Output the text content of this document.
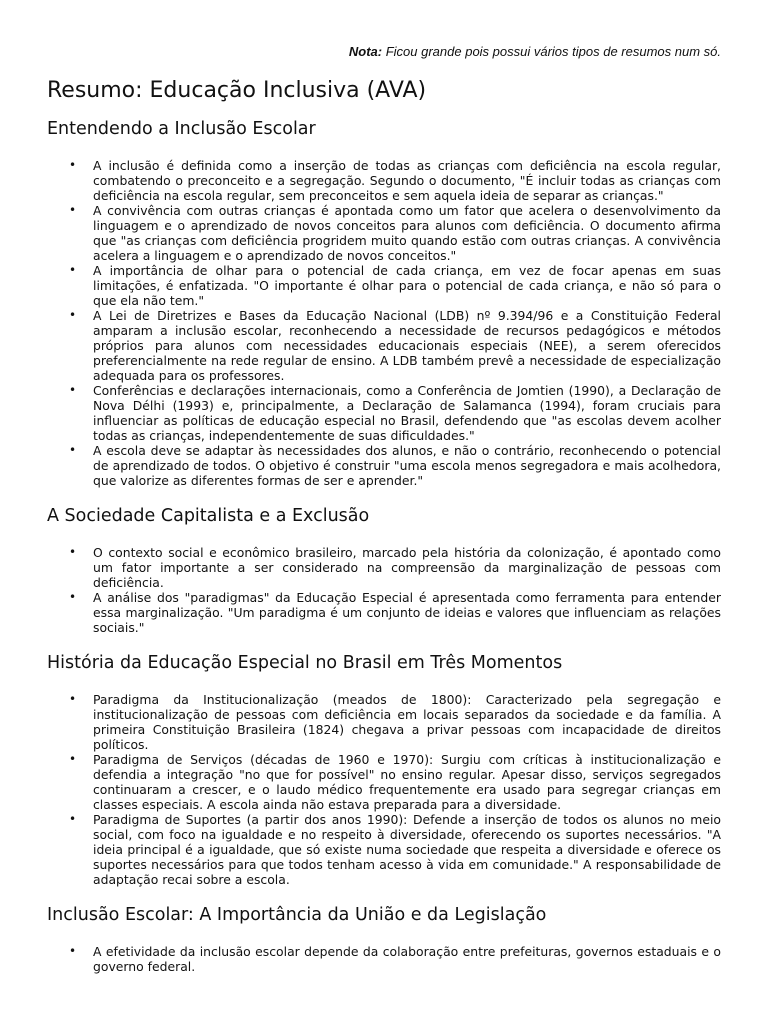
Nota: Ficou grande pois possui vários tipos de resumos num só.
Resumo: Educação Inclusiva (AVA)
Entendendo a Inclusão Escolar
• A inclusão é definida como a inserção de todas as crianças com deficiência na escola regular, combatendo o preconceito e a segregação. Segundo o documento, "É incluir todas as crianças com deficiência na escola regular, sem preconceitos e sem aquela ideia de separar as crianças."
• A convivência com outras crianças é apontada como um fator que acelera o desenvolvimento da linguagem e o aprendizado de novos conceitos para alunos com deficiência. O documento afirma que "as crianças com deficiência progridem muito quando estão com outras crianças. A convivência acelera a linguagem e o aprendizado de novos conceitos."
• A importância de olhar para o potencial de cada criança, em vez de focar apenas em suas limitações, é enfatizada. "O importante é olhar para o potencial de cada criança, e não só para o que ela não tem."
• A Lei de Diretrizes e Bases da Educação Nacional (LDB) nº 9.394/96 e a Constituição Federal amparam a inclusão escolar, reconhecendo a necessidade de recursos pedagógicos e métodos próprios para alunos com necessidades educacionais especiais (NEE), a serem oferecidos preferencialmente na rede regular de ensino. A LDB também prevê a necessidade de especialização adequada para os professores.
• Conferências e declarações internacionais, como a Conferência de Jomtien (1990), a Declaração de Nova Délhi (1993) e, principalmente, a Declaração de Salamanca (1994), foram cruciais para influenciar as políticas de educação especial no Brasil, defendendo que "as escolas devem acolher todas as crianças, independentemente de suas dificuldades."
• A escola deve se adaptar às necessidades dos alunos, e não o contrário, reconhecendo o potencial de aprendizado de todos. O objetivo é construir "uma escola menos segregadora e mais acolhedora, que valorize as diferentes formas de ser e aprender."
A Sociedade Capitalista e a Exclusão
• O contexto social e econômico brasileiro, marcado pela história da colonização, é apontado como um fator importante a ser considerado na compreensão da marginalização de pessoas com deficiência.
• A análise dos "paradigmas" da Educação Especial é apresentada como ferramenta para entender essa marginalização. "Um paradigma é um conjunto de ideias e valores que influenciam as relações sociais."
História da Educação Especial no Brasil em Três Momentos
• Paradigma da Institucionalização (meados de 1800): Caracterizado pela segregação e institucionalização de pessoas com deficiência em locais separados da sociedade e da família. A primeira Constituição Brasileira (1824) chegava a privar pessoas com incapacidade de direitos políticos.
• Paradigma de Serviços (décadas de 1960 e 1970): Surgiu com críticas à institucionalização e defendia a integração "no que for possível" no ensino regular. Apesar disso, serviços segregados continuaram a crescer, e o laudo médico frequentemente era usado para segregar crianças em classes especiais. A escola ainda não estava preparada para a diversidade.
• Paradigma de Suportes (a partir dos anos 1990): Defende a inserção de todos os alunos no meio social, com foco na igualdade e no respeito à diversidade, oferecendo os suportes necessários. "A ideia principal é a igualdade, que só existe numa sociedade que respeita a diversidade e oferece os suportes necessários para que todos tenham acesso à vida em comunidade." A responsabilidade de adaptação recai sobre a escola.
Inclusão Escolar: A Importância da União e da Legislação
• A efetividade da inclusão escolar depende da colaboração entre prefeituras, governos estaduais e o governo federal.
